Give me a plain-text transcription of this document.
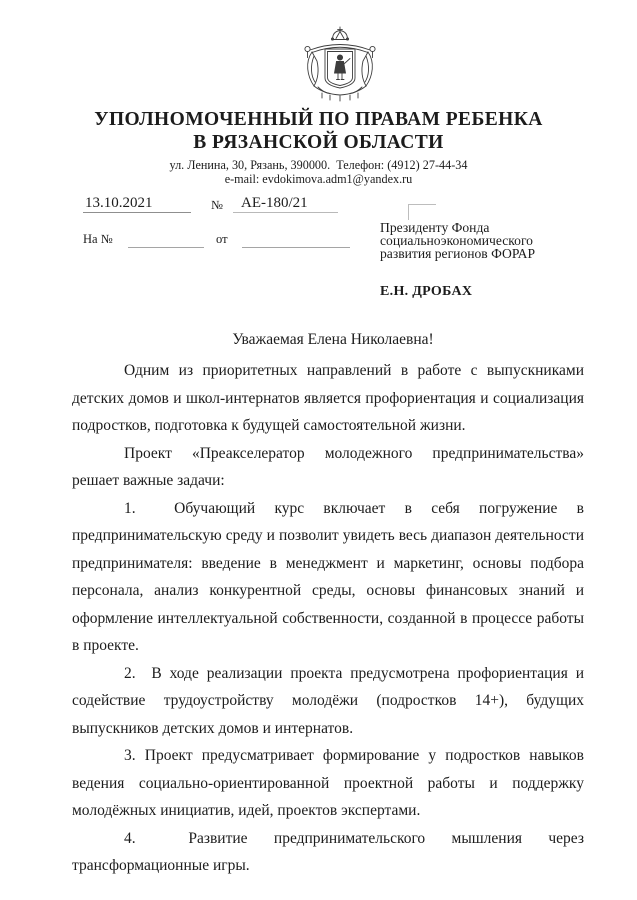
УПОЛНОМОЧЕННЫЙ ПО ПРАВАМ РЕБЕНКА
В РЯЗАНСКОЙ ОБЛАСТИ
ул. Ленина, 30, Рязань, 390000.  Телефон: (4912) 27-44-34
e-mail: evdokimova.adm1@yandex.ru
13.10.2021	№ АЕ-180/21
На №	от
Президенту Фонда
социальноэкономического
развития регионов ФОРАР
Е.Н. ДРОБАХ
Уважаемая Елена Николаевна!

Одним из приоритетных направлений в работе с выпускниками детских домов и школ-интернатов является профориентация и социализация подростков, подготовка к будущей самостоятельной жизни.

Проект «Преакселератор молодежного предпринимательства» решает важные задачи:

1.  Обучающий курс включает в себя погружение в предпринимательскую среду и позволит увидеть весь диапазон деятельности предпринимателя: введение в менеджмент и маркетинг, основы подбора персонала, анализ конкурентной среды, основы финансовых знаний и оформление интеллектуальной собственности, созданной в процессе работы в проекте.

2.  В ходе реализации проекта предусмотрена профориентация и содействие трудоустройству молодёжи (подростков 14+), будущих выпускников детских домов и интернатов.

3. Проект предусматривает формирование у подростков навыков ведения социально-ориентированной проектной работы и поддержку молодёжных инициатив, идей, проектов экспертами.

4.  Развитие предпринимательского мышления через трансформационные игры.
